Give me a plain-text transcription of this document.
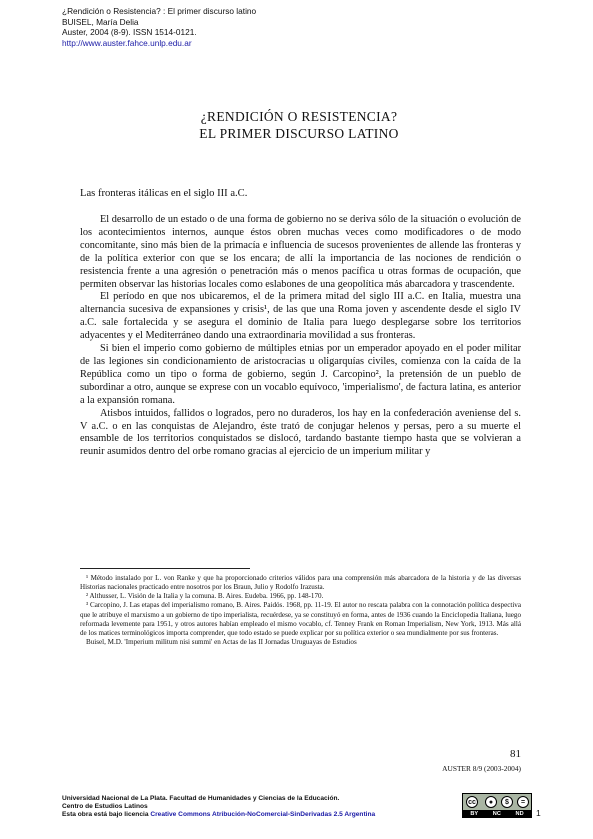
¿Rendición o Resistencia? : El primer discurso latino
BUISEL, María Delia
Auster, 2004 (8-9). ISSN 1514-0121.
http://www.auster.fahce.unlp.edu.ar
¿RENDICIÓN O RESISTENCIA?
EL PRIMER DISCURSO LATINO
Las fronteras itálicas en el siglo III a.C.

El desarrollo de un estado o de una forma de gobierno no se deriva sólo de la situación o evolución de los acontecimientos internos, aunque éstos obren muchas veces como modificadores o de modo concomitante, sino más bien de la primacía e influencia de sucesos provenientes de allende las fronteras y de la política exterior con que se los encara; de allí la importancia de las nociones de rendición o resistencia frente a una agresión o penetración más o menos pacífica u otras formas de ocupación, que permiten observar las historias locales como eslabones de una geopolítica más abarcadora y trascendente.

El período en que nos ubicaremos, el de la primera mitad del siglo III a.C. en Italia, muestra una alternancia sucesiva de expansiones y crisis¹, de las que una Roma joven y ascendente desde el siglo IV a.C. sale fortalecida y se asegura el dominio de Italia para luego desplegarse sobre los territorios adyacentes y el Mediterráneo dando una extraordinaria movilidad a sus fronteras.

Si bien el imperio como gobierno de múltiples etnias por un emperador apoyado en el poder militar de las legiones sin condicionamiento de aristocracias u oligarquías civiles, comienza con la caída de la República como un tipo o forma de gobierno, según J. Carcopino², la pretensión de un pueblo de subordinar a otro, aunque se exprese con un vocablo equívoco, 'imperialismo', de factura latina, es anterior a la expansión romana.

Atisbos intuidos, fallidos o logrados, pero no duraderos, los hay en la confederación aveniense del s. V a.C. o en las conquistas de Alejandro, éste trató de conjugar helenos y persas, pero a su muerte el ensamble de los territorios conquistados se dislocó, tardando bastante tiempo hasta que se volvieran a reunir asumidos dentro del orbe romano gracias al ejercicio de un imperium militar y

¹ Método instalado por L. von Ranke y que ha proporcionado criterios válidos para una comprensión más abarcadora de la historia y de las diversas Historias nacionales practicado entre nosotros por los Braun, Julio y Rodolfo Irazusta.

² Althusser, L. Visión de la Italia y la comuna. B. Aires. Eudeba. 1966, pp. 148-170.

³ Carcopino, J. Las etapas del imperialismo romano, B. Aires. Paidós. 1968, pp. 11-19. El autor no rescata palabra con la connotación política despectiva que le atribuye el marxismo a un gobierno de tipo imperialista, recuérdese, ya se constituyó en forma, antes de 1936 cuando la Enciclopedia Italiana, luego reformada levemente para 1951, y otros autores habían empleado el mismo vocablo, cf. Tenney Frank en Roman Imperialism, New York, 1913. Más allá de los matices terminológicos importa comprender, que todo estado se puede explicar por su política exterior o sea mundialmente por sus fronteras.

Buisel, M.D. 'Imperium militum nisi summi' en Actas de las II Jornadas Uruguayas de Estudios

81
AUSTER 8/9 (2003-2004)
Universidad Nacional de La Plata. Facultad de Humanidades y Ciencias de la Educación.
Centro de Estudios Latinos
Esta obra está bajo licencia Creative Commons Atribución-NoComercial-SinDerivadas 2.5 Argentina
cc	●	$	=
BY	NC	ND 1
